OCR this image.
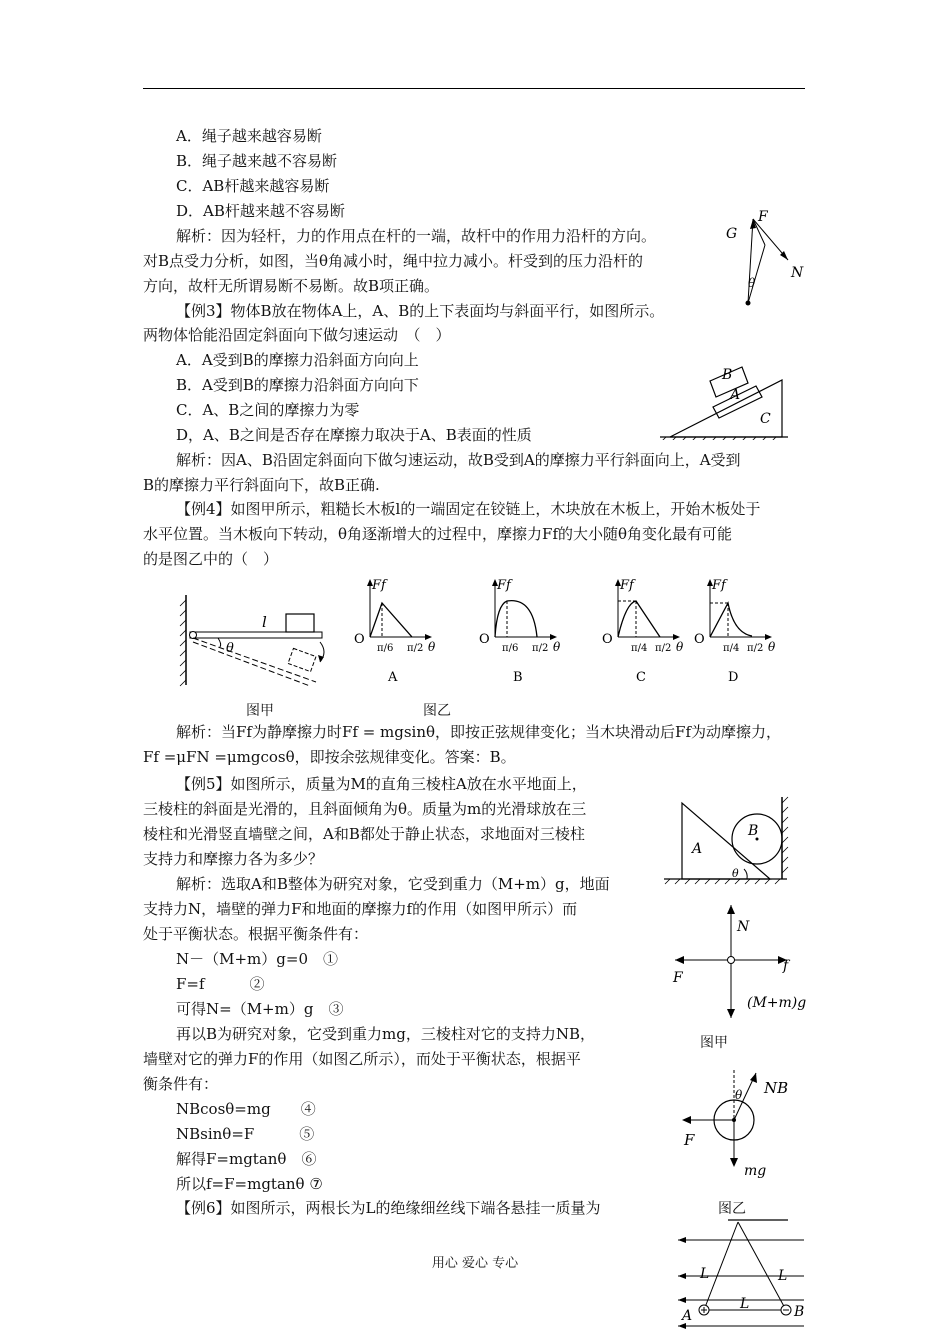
A．绳子越来越容易断
B．绳子越来越不容易断
C．AB杆越来越容易断
D．AB杆越来越不容易断
解析：因为轻杆，力的作用点在杆的一端，故杆中的作用力沿杆的方向。
对B点受力分析，如图，当θ角减小时，绳中拉力减小。杆受到的压力沿杆的
方向，故杆无所谓易断不易断。故B项正确。
【例3】物体B放在物体A上，A、B的上下表面均与斜面平行，如图所示。
两物体恰能沿固定斜面向下做匀速运动　（　）
A．A受到B的摩擦力沿斜面方向向上
B．A受到B的摩擦力沿斜面方向向下
C．A、B之间的摩擦力为零
D，A、B之间是否存在摩擦力取决于A、B表面的性质
解析：因A、B沿固定斜面向下做匀速运动，故B受到A的摩擦力平行斜面向上，A受到
B的摩擦力平行斜面向下，故B正确.
【例4】如图甲所示，粗糙长木板l的一端固定在铰链上，木块放在木板上，开始木板处于
水平位置。当木板向下转动，θ角逐渐增大的过程中，摩擦力Ff的大小随θ角变化最有可能
的是图乙中的（　）
解析：当Ff为静摩擦力时Ff = mgsinθ，即按正弦规律变化；当木块滑动后Ff为动摩擦力，
Ff =μFN =μmgcosθ，即按余弦规律变化。答案：B。
【例5】如图所示，质量为M的直角三棱柱A放在水平地面上，
三棱柱的斜面是光滑的，且斜面倾角为θ。质量为m的光滑球放在三
棱柱和光滑竖直墙壁之间，A和B都处于静止状态，求地面对三棱柱
支持力和摩擦力各为多少？
解析：选取A和B整体为研究对象，它受到重力（M+m）g，地面
支持力N，墙壁的弹力F和地面的摩擦力f的作用（如图甲所示）而
处于平衡状态。根据平衡条件有：
N－（M+m）g=0　①
F=f　　　②
可得N=（M+m）g　③
再以B为研究对象，它受到重力mg，三棱柱对它的支持力NB，
墙壁对它的弹力F的作用（如图乙所示），而处于平衡状态，根据平
衡条件有：
NBcosθ=mg　　④
NBsinθ=F　　　⑤
解得F=mgtanθ　⑥
所以f=F=mgtanθ ⑦
【例6】如图所示，两根长为L的绝缘细丝线下端各悬挂一质量为
G
F
N
θ
A
B
C
l
θ
Ff
O	θ
π/6 π/2
A
Ff
O	θ
π/6 π/2
B
Ff
O	θ
π/4 π/2
C
Ff
O	θ
π/4 π/2
D
图甲	图乙
A
B
θ
N
f
F
(M+m)g
图甲
θ NB
F
mg
图乙
L	L
L
A	B
用心 爱心 专心
